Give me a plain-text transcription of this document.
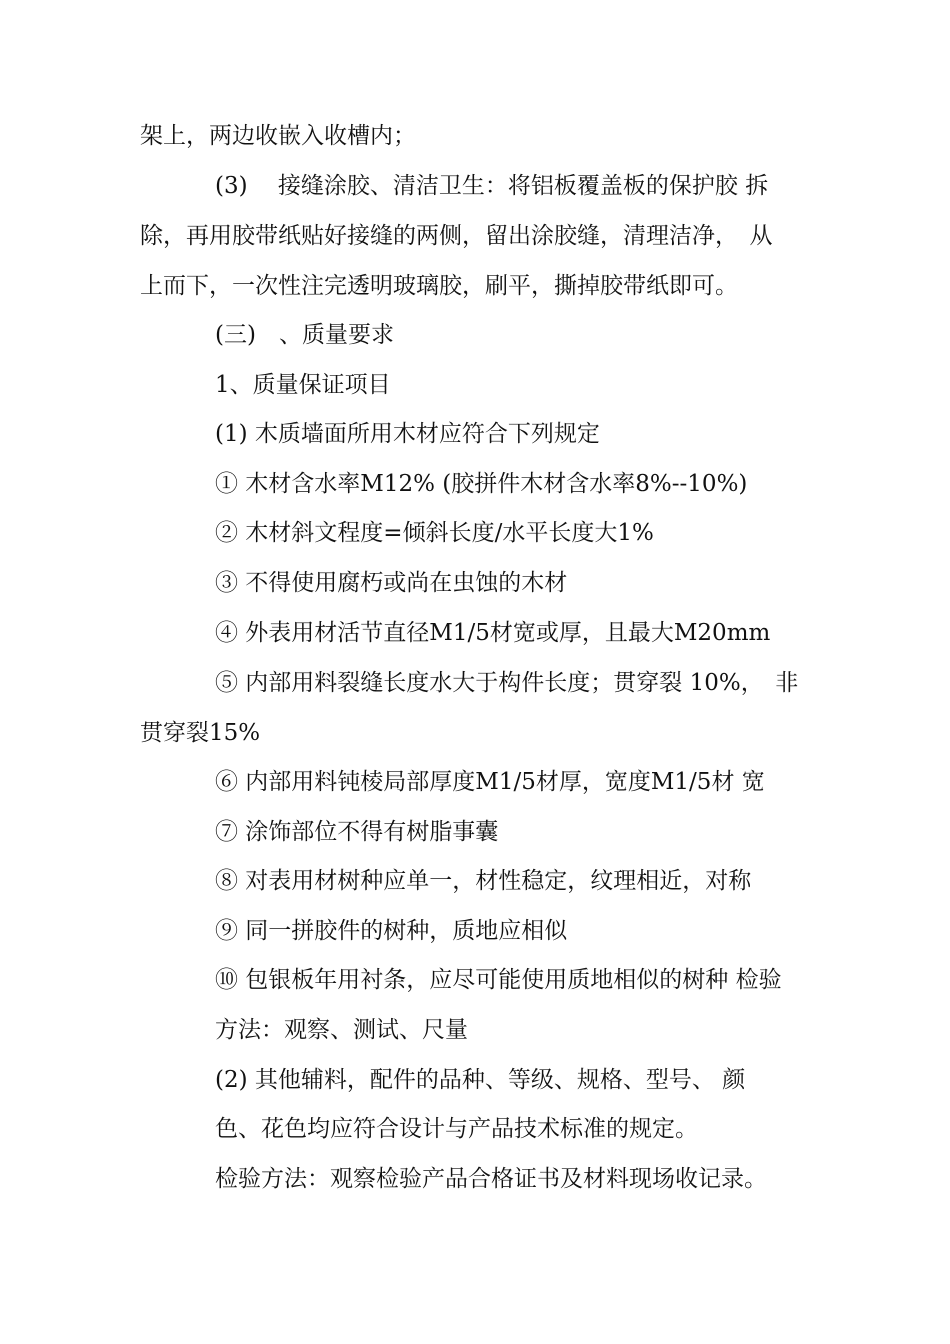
架上，两边收嵌入收槽内；
(3)　 接缝涂胶、清洁卫生：将铝板覆盖板的保护胶 拆
除，再用胶带纸贴好接缝的两侧，留出涂胶缝，清理洁净，　从
上而下，一次性注完透明玻璃胶，刷平，撕掉胶带纸即可。
(三)　、质量要求
1、质量保证项目
(1) 木质墙面所用木材应符合下列规定
① 木材含水率M12% (胶拼件木材含水率8%--10%)
② 木材斜文程度=倾斜长度/水平长度大1%
③ 不得使用腐朽或尚在虫蚀的木材
④ 外表用材活节直径M1/5材宽或厚，且最大M20mm
⑤ 内部用料裂缝长度水大于构件长度；贯穿裂 10%，　非
贯穿裂15%
⑥ 内部用料钝棱局部厚度M1/5材厚，宽度M1/5材 宽
⑦ 涂饰部位不得有树脂事囊
⑧ 对表用材树种应单一，材性稳定，纹理相近，对称
⑨ 同一拼胶件的树种，质地应相似
⑩ 包银板年用衬条，应尽可能使用质地相似的树种 检验
方法：观察、测试、尺量
(2) 其他辅料，配件的品种、等级、规格、型号、 颜
色、花色均应符合设计与产品技术标准的规定。
检验方法：观察检验产品合格证书及材料现场收记录。
